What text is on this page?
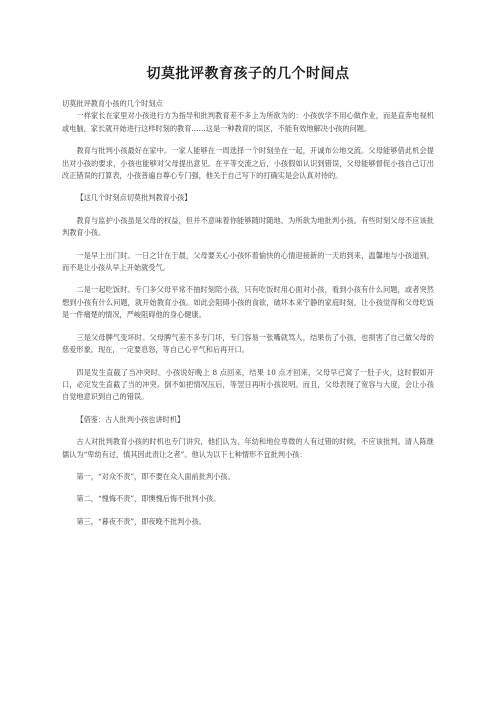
切莫批评教育孩子的几个时间点

切莫批评教育小孩的几个时刻点

一样家长在家里对小孩进行方为指导和批判教育差不多上为所欲为的：小孩放学不用心做作业，而是直奔电视机或电脑，家长就开始进行这样时刻的教育……这是一种教育的误区，不能有效地解决小孩的问题。

教育与批判小孩最好在家中。一家人能够在一周选择一个时刻坐在一起，开诚布公地交流。父母能够借此机会提出对小孩的要求，小孩也能够对父母提出意见。在平等交流之后，小孩假如认识到错误，父母能够督促小孩自己订出改正错误的打算表，小孩普遍自尊心专门强，他关于自己写下的打确实是会认真对待的。

【这几个时刻点切莫批判教育小孩】

教育与监护小孩虽是父母的权益，但并不意味着你能够随时随地、为所欲为地批判小孩。有些时刻父母不应该批判教育小孩。

一是早上出门时。一日之计在于晨，父母要关心小孩怀着愉快的心情迎接新的一天的到来，温馨地与小孩道别，而不是让小孩从早上开始就受气。

二是一起吃饭时。专门多父母平常不抽时刻陪小孩，只有吃饭时用心面对小孩，看到小孩有什么问题，或者突然想到小孩有什么问题，就开始教育小孩。如此会阻碍小孩的食欲，破坏本来宁静的家庭时刻，让小孩觉得和父母吃饭是一件痛楚的情况，严峻阻碍他的身心健康。

三是父母脾气变坏时。父母脾气差不多专门坏，专门容易一张嘴就骂人，结果伤了小孩，也损害了自己做父母的慈爱形象。现在，一定要息怒，等自己心平气和后再开口。

四是发生直截了当冲突时。小孩说好晚上 8 点回来，结果 10 点才回来，父母早已窝了一肚子火，这时假如开口，必定发生直截了当的冲突。倒不如把情况压后，等翌日再听小孩说明。而且，父母表现了宽容与大度，会让小孩自觉地意识到自己的错误。

【借鉴：古人批判小孩也讲时机】

古人对批判教育小孩的时机也专门讲究，他们认为，年幼和地位卑微的人有过错的时候，不应该批判。清人陈继儒认为“卑幼有过，慎其因此责让之者”。他认为以下七种情形不宜批判小孩：

第一，“对众不责”，即不要在众人面前批判小孩。

第二，“愧悔不责”，即懊愧后悔不批判小孩。

第三，“暮夜不责”，即夜晚不批判小孩。
